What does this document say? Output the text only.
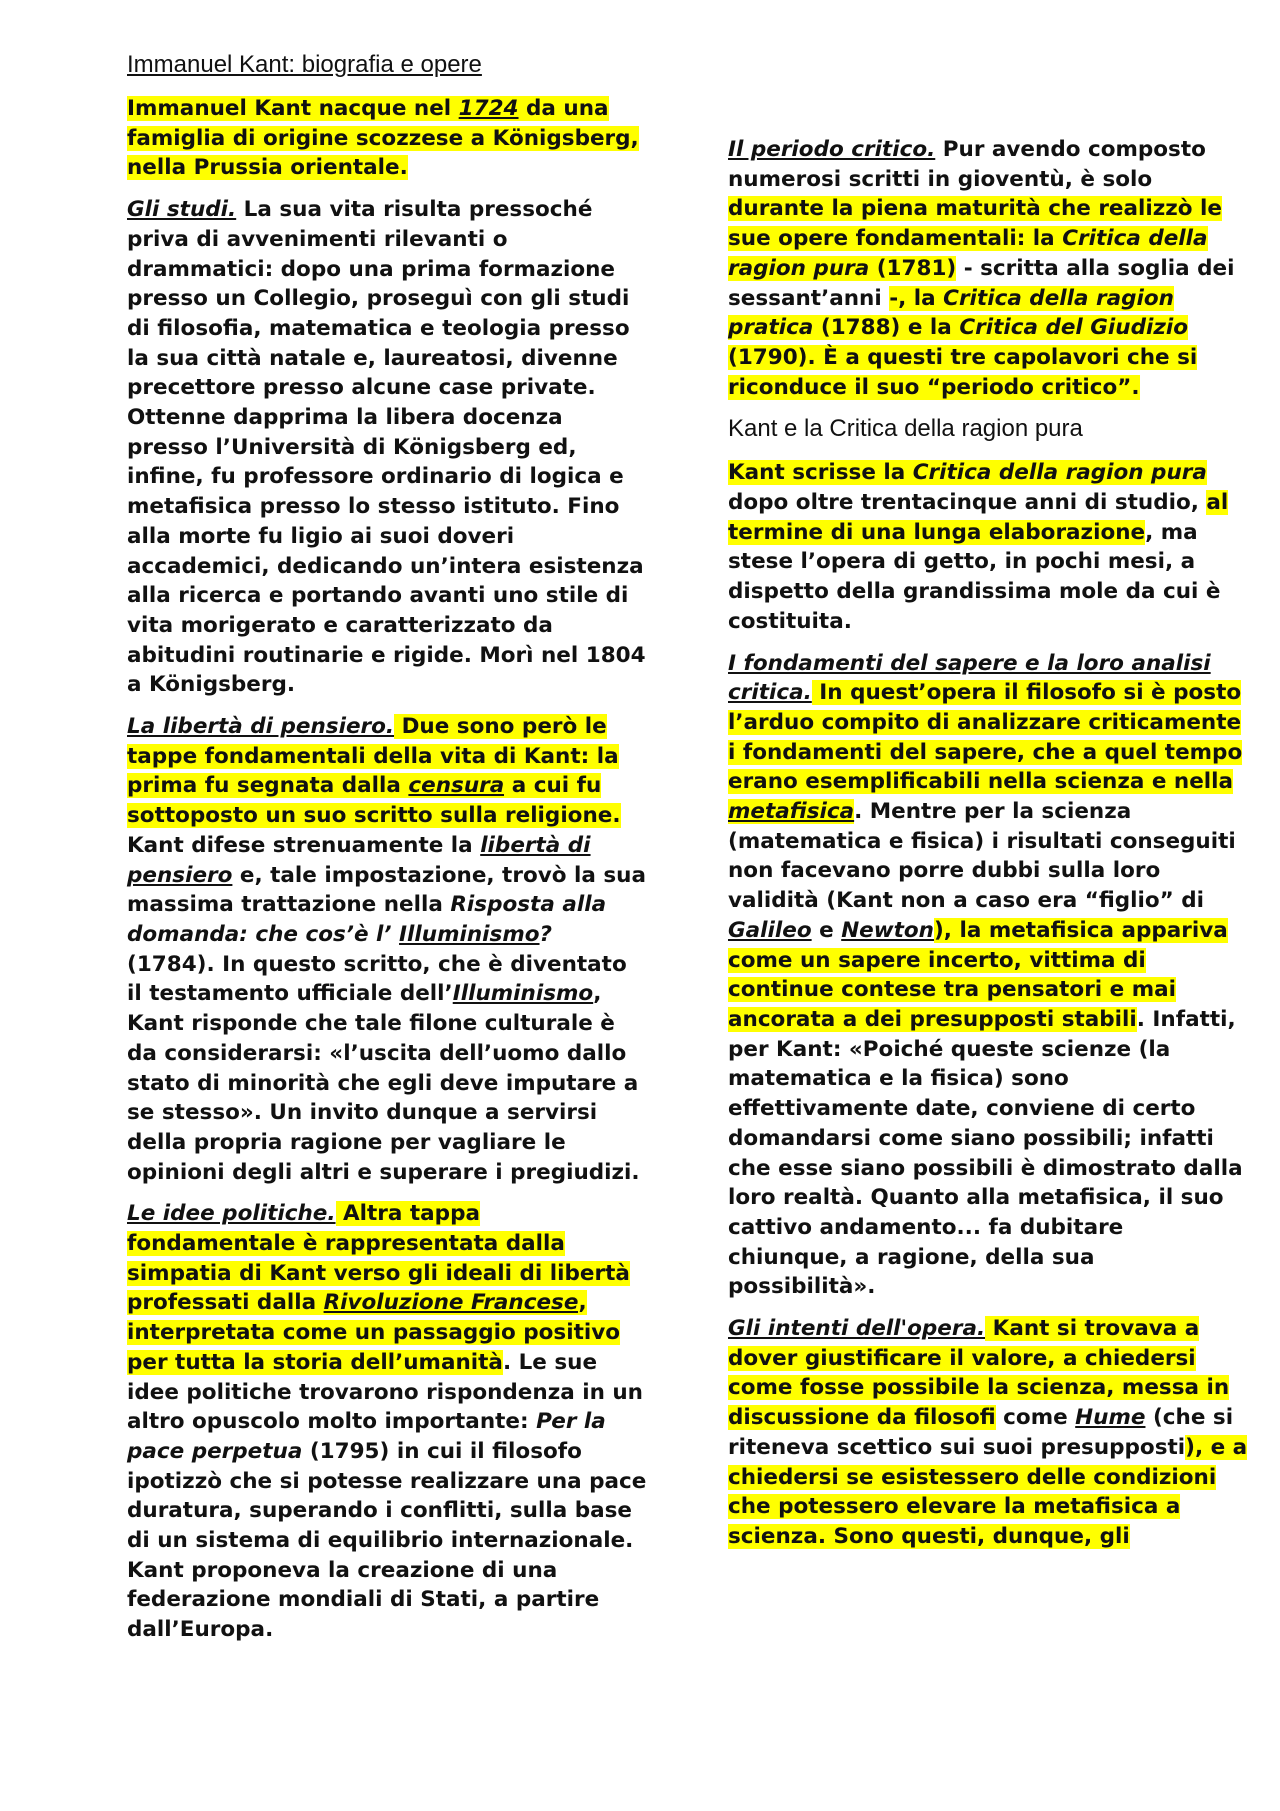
Immanuel Kant: biografia e opere

Immanuel Kant nacque nel 1724 da una famiglia di origine scozzese a Königsberg, nella Prussia orientale.

Gli studi. La sua vita risulta pressoché priva di avvenimenti rilevanti o drammatici: dopo una prima formazione presso un Collegio, proseguì con gli studi di filosofia, matematica e teologia presso la sua città natale e, laureatosi, divenne precettore presso alcune case private. Ottenne dapprima la libera docenza presso l’Università di Königsberg ed, infine, fu professore ordinario di logica e metafisica presso lo stesso istituto. Fino alla morte fu ligio ai suoi doveri accademici, dedicando un’intera esistenza alla ricerca e portando avanti uno stile di vita morigerato e caratterizzato da abitudini routinarie e rigide. Morì nel 1804 a Königsberg.

La libertà di pensiero. Due sono però le tappe fondamentali della vita di Kant: la prima fu segnata dalla censura a cui fu sottoposto un suo scritto sulla religione. Kant difese strenuamente la libertà di pensiero e, tale impostazione, trovò la sua massima trattazione nella Risposta alla domanda: che cos’è l’ Illuminismo? (1784). In questo scritto, che è diventato il testamento ufficiale dell’Illuminismo, Kant risponde che tale filone culturale è da considerarsi: «l’uscita dell’uomo dallo stato di minorità che egli deve imputare a se stesso». Un invito dunque a servirsi della propria ragione per vagliare le opinioni degli altri e superare i pregiudizi.

Le idee politiche. Altra tappa fondamentale è rappresentata dalla simpatia di Kant verso gli ideali di libertà professati dalla Rivoluzione Francese, interpretata come un passaggio positivo per tutta la storia dell’umanità. Le sue idee politiche trovarono rispondenza in un altro opuscolo molto importante: Per la pace perpetua (1795) in cui il filosofo ipotizzò che si potesse realizzare una pace duratura, superando i conflitti, sulla base di un sistema di equilibrio internazionale. Kant proponeva la creazione di una federazione mondiali di Stati, a partire dall’Europa.

Il periodo critico. Pur avendo composto numerosi scritti in gioventù, è solo durante la piena maturità che realizzò le sue opere fondamentali: la Critica della ragion pura (1781) - scritta alla soglia dei sessant’anni -, la Critica della ragion pratica (1788) e la Critica del Giudizio (1790). È a questi tre capolavori che si riconduce il suo “periodo critico”.

Kant e la Critica della ragion pura

Kant scrisse la Critica della ragion pura dopo oltre trentacinque anni di studio, al termine di una lunga elaborazione, ma stese l’opera di getto, in pochi mesi, a dispetto della grandissima mole da cui è costituita.

I fondamenti del sapere e la loro analisi critica. In quest’opera il filosofo si è posto l’arduo compito di analizzare criticamente i fondamenti del sapere, che a quel tempo erano esemplificabili nella scienza e nella metafisica. Mentre per la scienza (matematica e fisica) i risultati conseguiti non facevano porre dubbi sulla loro validità (Kant non a caso era “figlio” di Galileo e Newton), la metafisica appariva come un sapere incerto, vittima di continue contese tra pensatori e mai ancorata a dei presupposti stabili. Infatti, per Kant: «Poiché queste scienze (la matematica e la fisica) sono effettivamente date, conviene di certo domandarsi come siano possibili; infatti che esse siano possibili è dimostrato dalla loro realtà. Quanto alla metafisica, il suo cattivo andamento... fa dubitare chiunque, a ragione, della sua possibilità».

Gli intenti dell'opera. Kant si trovava a dover giustificare il valore, a chiedersi come fosse possibile la scienza, messa in discussione da filosofi come Hume (che si riteneva scettico sui suoi presupposti), e a chiedersi se esistessero delle condizioni che potessero elevare la metafisica a scienza. Sono questi, dunque, gli
